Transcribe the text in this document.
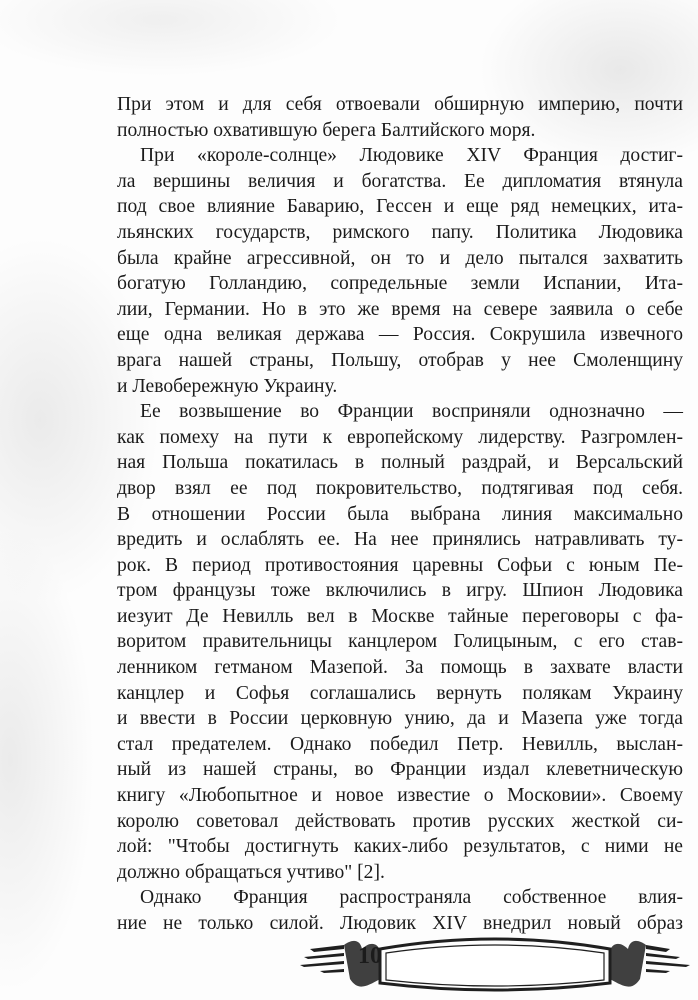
При этом и для себя отвоевали обширную империю, почти
полностью охватившую берега Балтийского моря.
При «короле-солнце» Людовике XIV Франция достиг-
ла вершины величия и богатства. Ее дипломатия втянула
под свое влияние Баварию, Гессен и еще ряд немецких, ита-
льянских государств, римского папу. Политика Людовика
была крайне агрессивной, он то и дело пытался захватить
богатую Голландию, сопредельные земли Испании, Ита-
лии, Германии. Но в это же время на севере заявила о себе
еще одна великая держава — Россия. Сокрушила извечного
врага нашей страны, Польшу, отобрав у нее Смоленщину
и Левобережную Украину.
Ее возвышение во Франции восприняли однозначно —
как помеху на пути к европейскому лидерству. Разгромлен-
ная Польша покатилась в полный раздрай, и Версальский
двор взял ее под покровительство, подтягивая под себя.
В отношении России была выбрана линия максимально
вредить и ослаблять ее. На нее принялись натравливать ту-
рок. В период противостояния царевны Софьи с юным Пе-
тром французы тоже включились в игру. Шпион Людовика
иезуит Де Невилль вел в Москве тайные переговоры с фа-
воритом правительницы канцлером Голицыным, с его став-
ленником гетманом Мазепой. За помощь в захвате власти
канцлер и Софья соглашались вернуть полякам Украину
и ввести в России церковную унию, да и Мазепа уже тогда
стал предателем. Однако победил Петр. Невилль, выслан-
ный из нашей страны, во Франции издал клеветническую
книгу «Любопытное и новое известие о Московии». Своему
королю советовал действовать против русских жесткой си-
лой: "Чтобы достигнуть каких-либо результатов, с ними не
должно обращаться учтиво" [2].
Однако Франция распространяла собственное влия-
ние не только силой. Людовик XIV внедрил новый образ
10
